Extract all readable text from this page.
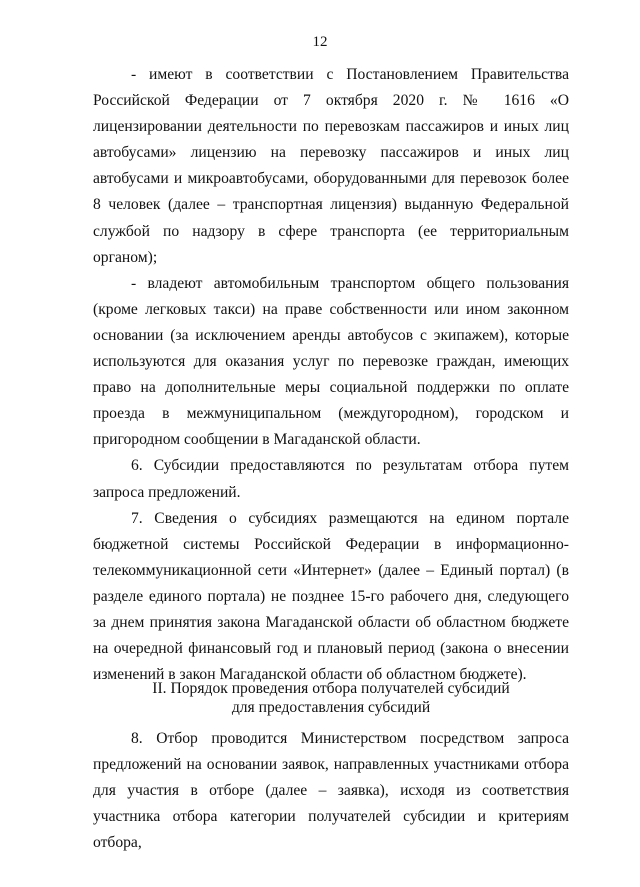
12

- имеют в соответствии с Постановлением Правительства Российской Федерации от 7 октября 2020 г. № 1616 «О лицензировании деятельности по перевозкам пассажиров и иных лиц автобусами» лицензию на перевозку пассажиров и иных лиц автобусами и микроавтобусами, оборудованными для перевозок более 8 человек (далее – транспортная лицензия) выданную Федеральной службой по надзору в сфере транспорта (ее территориальным органом);

- владеют автомобильным транспортом общего пользования (кроме легковых такси) на праве собственности или ином законном основании (за исключением аренды автобусов с экипажем), которые используются для оказания услуг по перевозке граждан, имеющих право на дополнительные меры социальной поддержки по оплате проезда в межмуниципальном (междугородном), городском и пригородном сообщении в Магаданской области.

6. Субсидии предоставляются по результатам отбора путем запроса предложений.

7. Сведения о субсидиях размещаются на едином портале бюджетной системы Российской Федерации в информационно-телекоммуникационной сети «Интернет» (далее – Единый портал) (в разделе единого портала) не позднее 15-го рабочего дня, следующего за днем принятия закона Магаданской области об областном бюджете на очередной финансовый год и плановый период (закона о внесении изменений в закон Магаданской области об областном бюджете).

II. Порядок проведения отбора получателей субсидий
для предоставления субсидий

8. Отбор проводится Министерством посредством запроса предложений на основании заявок, направленных участниками отбора для участия в отборе (далее – заявка), исходя из соответствия участника отбора категории получателей субсидии и критериям отбора,
